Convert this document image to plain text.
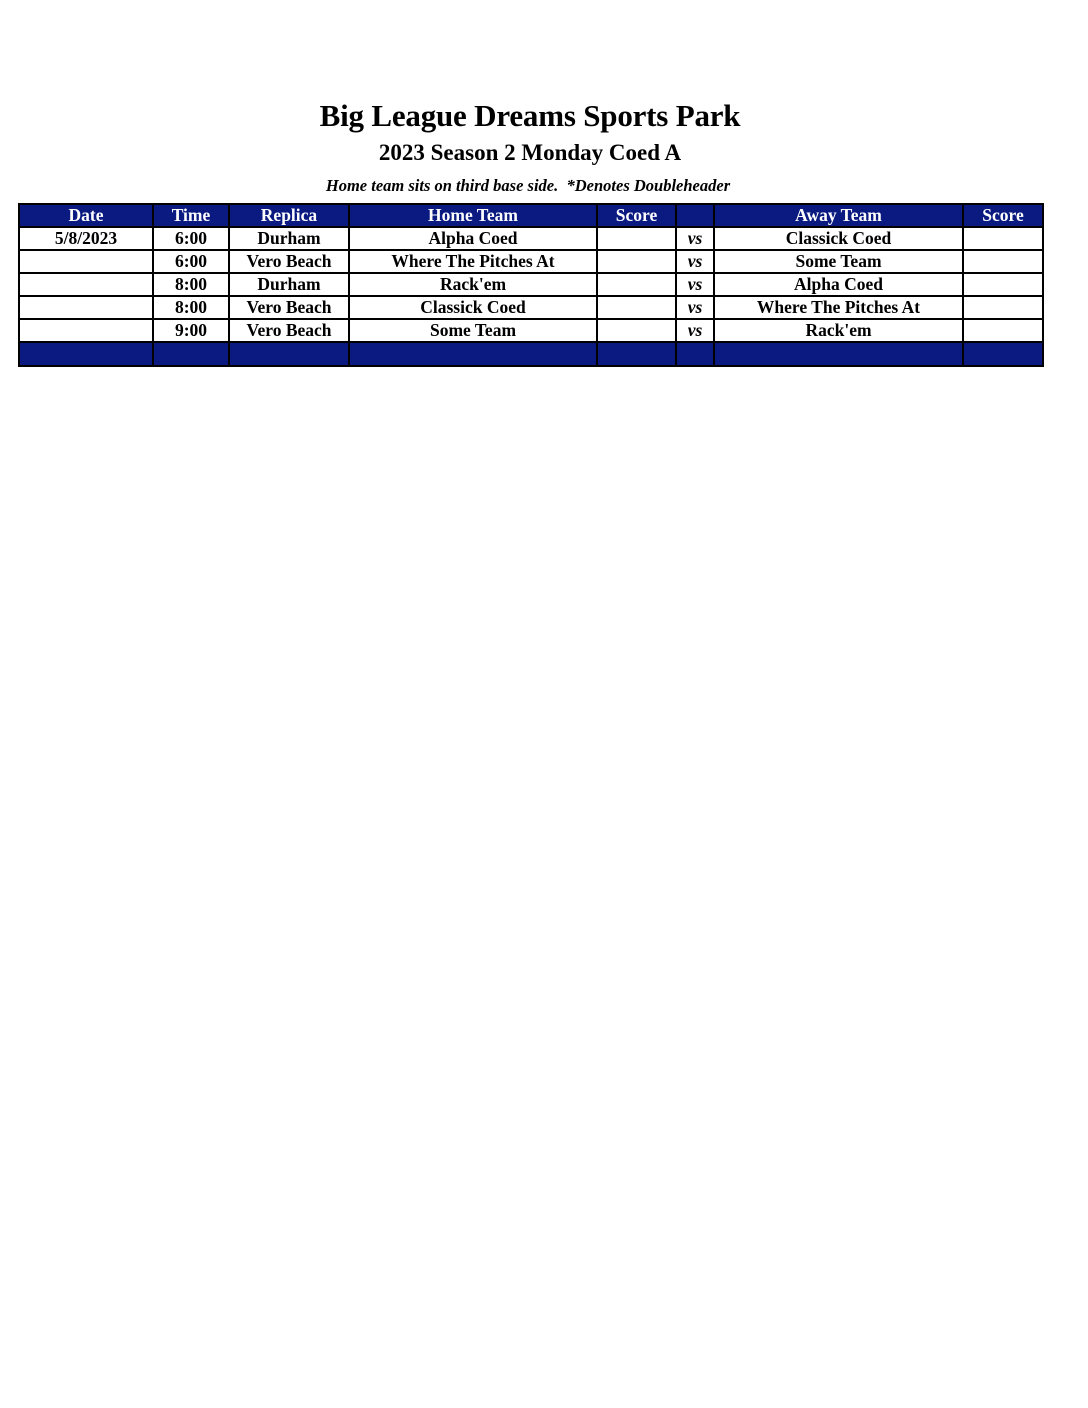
Big League Dreams Sports Park
2023 Season 2 Monday Coed A
Home team sits on third base side.  *Denotes Doubleheader
Date	Time	Replica	Home Team	Score		Away Team	Score
5/8/2023	6:00	Durham	Alpha Coed		vs	Classick Coed	
	6:00	Vero Beach	Where The Pitches At		vs	Some Team	
	8:00	Durham	Rack'em		vs	Alpha Coed	
	8:00	Vero Beach	Classick Coed		vs	Where The Pitches At	
	9:00	Vero Beach	Some Team		vs	Rack'em	
